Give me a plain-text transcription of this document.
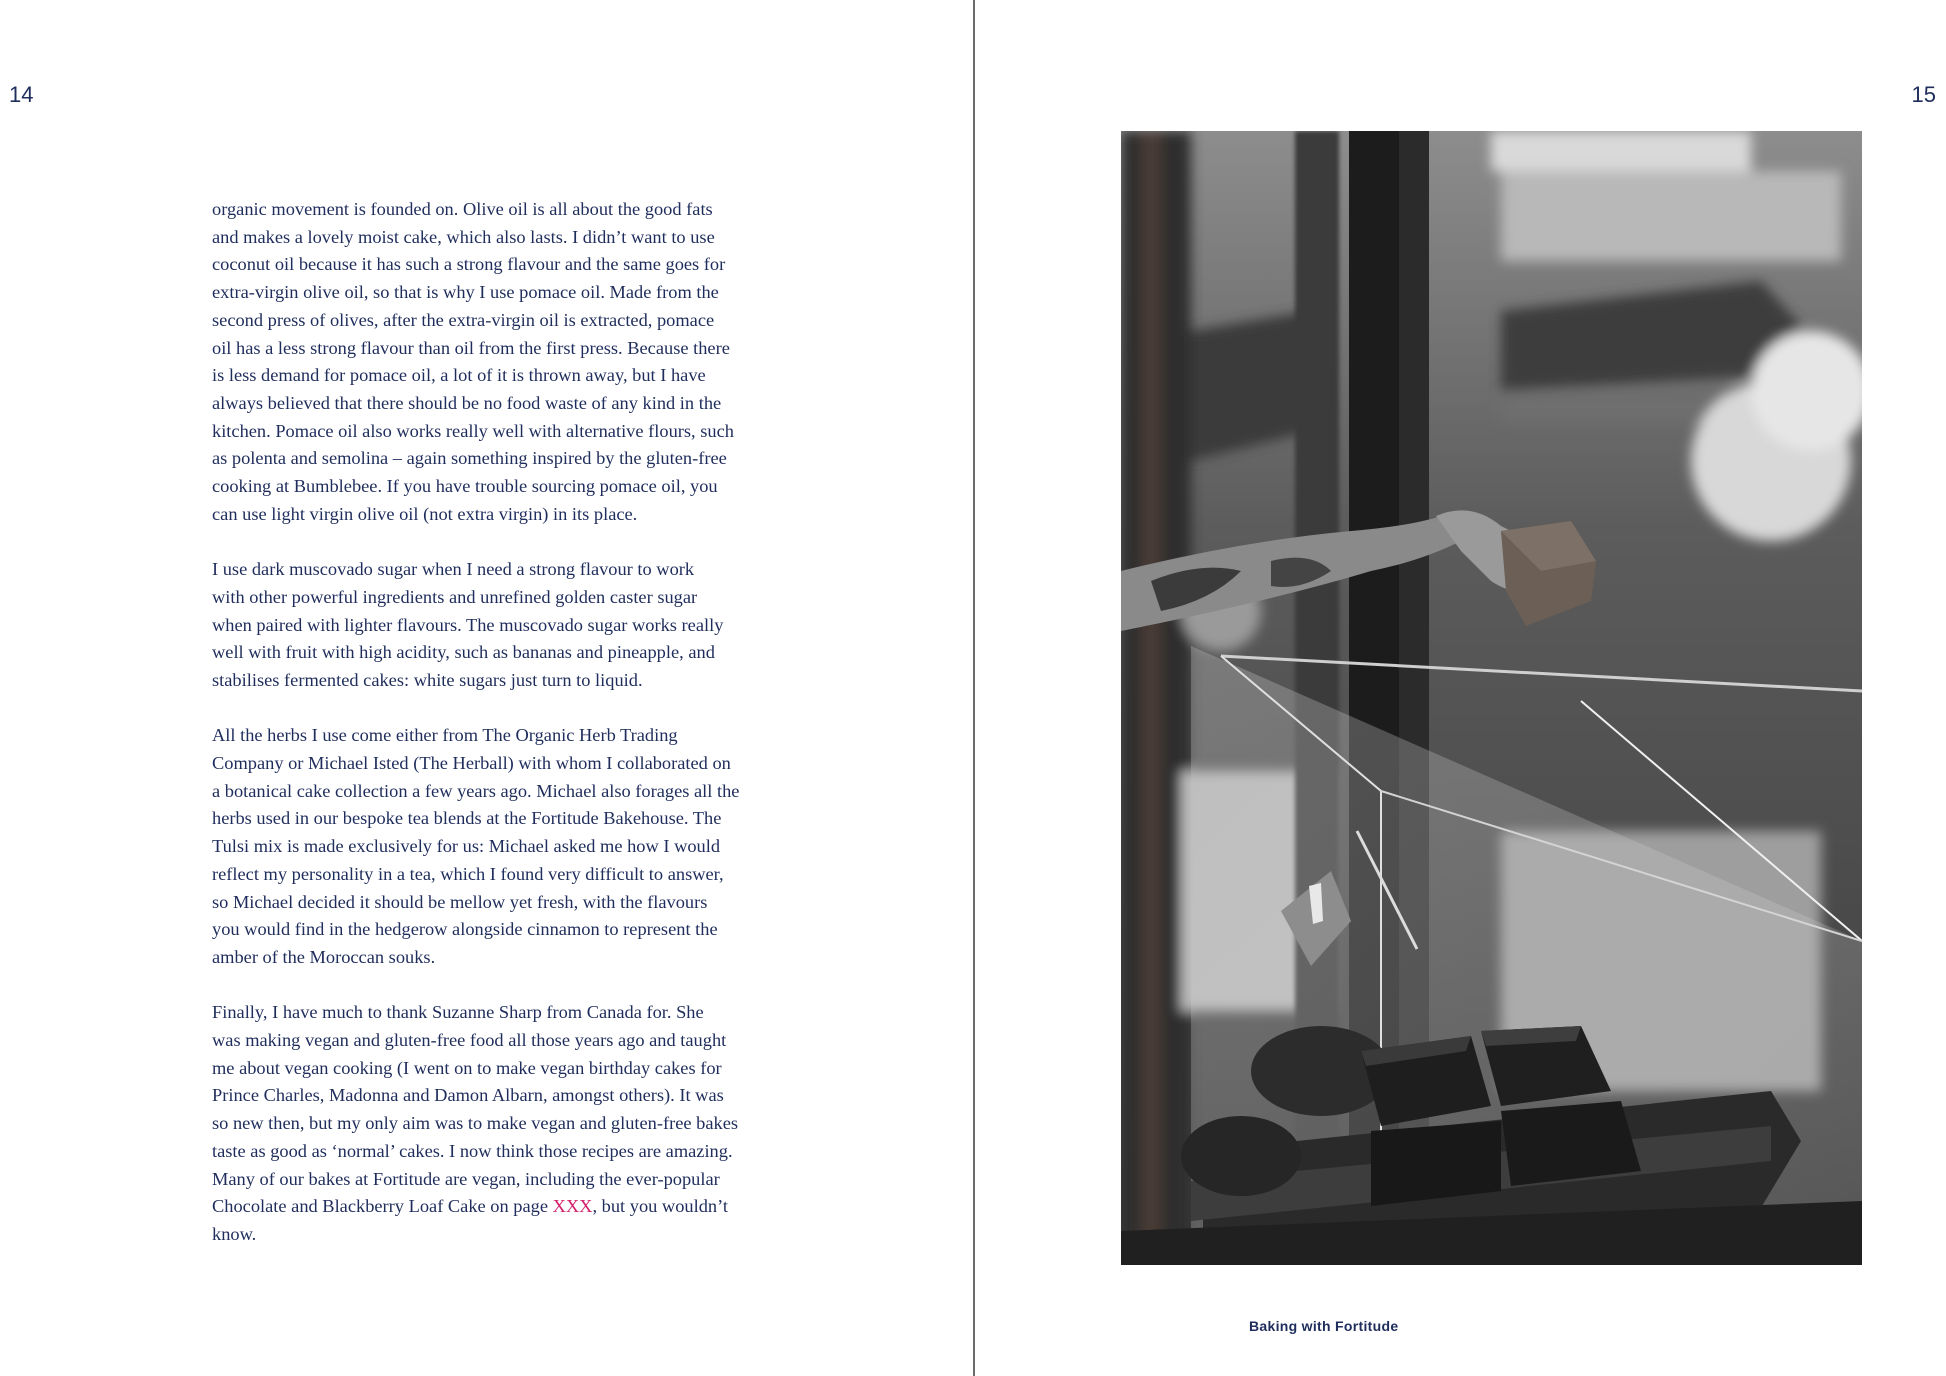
14

organic movement is founded on. Olive oil is all about the good fats
and makes a lovely moist cake, which also lasts. I didn’t want to use
coconut oil because it has such a strong flavour and the same goes for
extra-virgin olive oil, so that is why I use pomace oil. Made from the
second press of olives, after the extra-virgin oil is extracted, pomace
oil has a less strong flavour than oil from the first press. Because there
is less demand for pomace oil, a lot of it is thrown away, but I have
always believed that there should be no food waste of any kind in the
kitchen. Pomace oil also works really well with alternative flours, such
as polenta and semolina – again something inspired by the gluten-free
cooking at Bumblebee. If you have trouble sourcing pomace oil, you
can use light virgin olive oil (not extra virgin) in its place.

I use dark muscovado sugar when I need a strong flavour to work
with other powerful ingredients and unrefined golden caster sugar
when paired with lighter flavours. The muscovado sugar works really
well with fruit with high acidity, such as bananas and pineapple, and
stabilises fermented cakes: white sugars just turn to liquid.

All the herbs I use come either from The Organic Herb Trading
Company or Michael Isted (The Herball) with whom I collaborated on
a botanical cake collection a few years ago. Michael also forages all the
herbs used in our bespoke tea blends at the Fortitude Bakehouse. The
Tulsi mix is made exclusively for us: Michael asked me how I would
reflect my personality in a tea, which I found very difficult to answer,
so Michael decided it should be mellow yet fresh, with the flavours
you would find in the hedgerow alongside cinnamon to represent the
amber of the Moroccan souks.

Finally, I have much to thank Suzanne Sharp from Canada for. She
was making vegan and gluten-free food all those years ago and taught
me about vegan cooking (I went on to make vegan birthday cakes for
Prince Charles, Madonna and Damon Albarn, amongst others). It was
so new then, but my only aim was to make vegan and gluten-free bakes
taste as good as ‘normal’ cakes. I now think those recipes are amazing.
Many of our bakes at Fortitude are vegan, including the ever-popular
Chocolate and Blackberry Loaf Cake on page XXX, but you wouldn’t
know.

15
Baking with Fortitude
